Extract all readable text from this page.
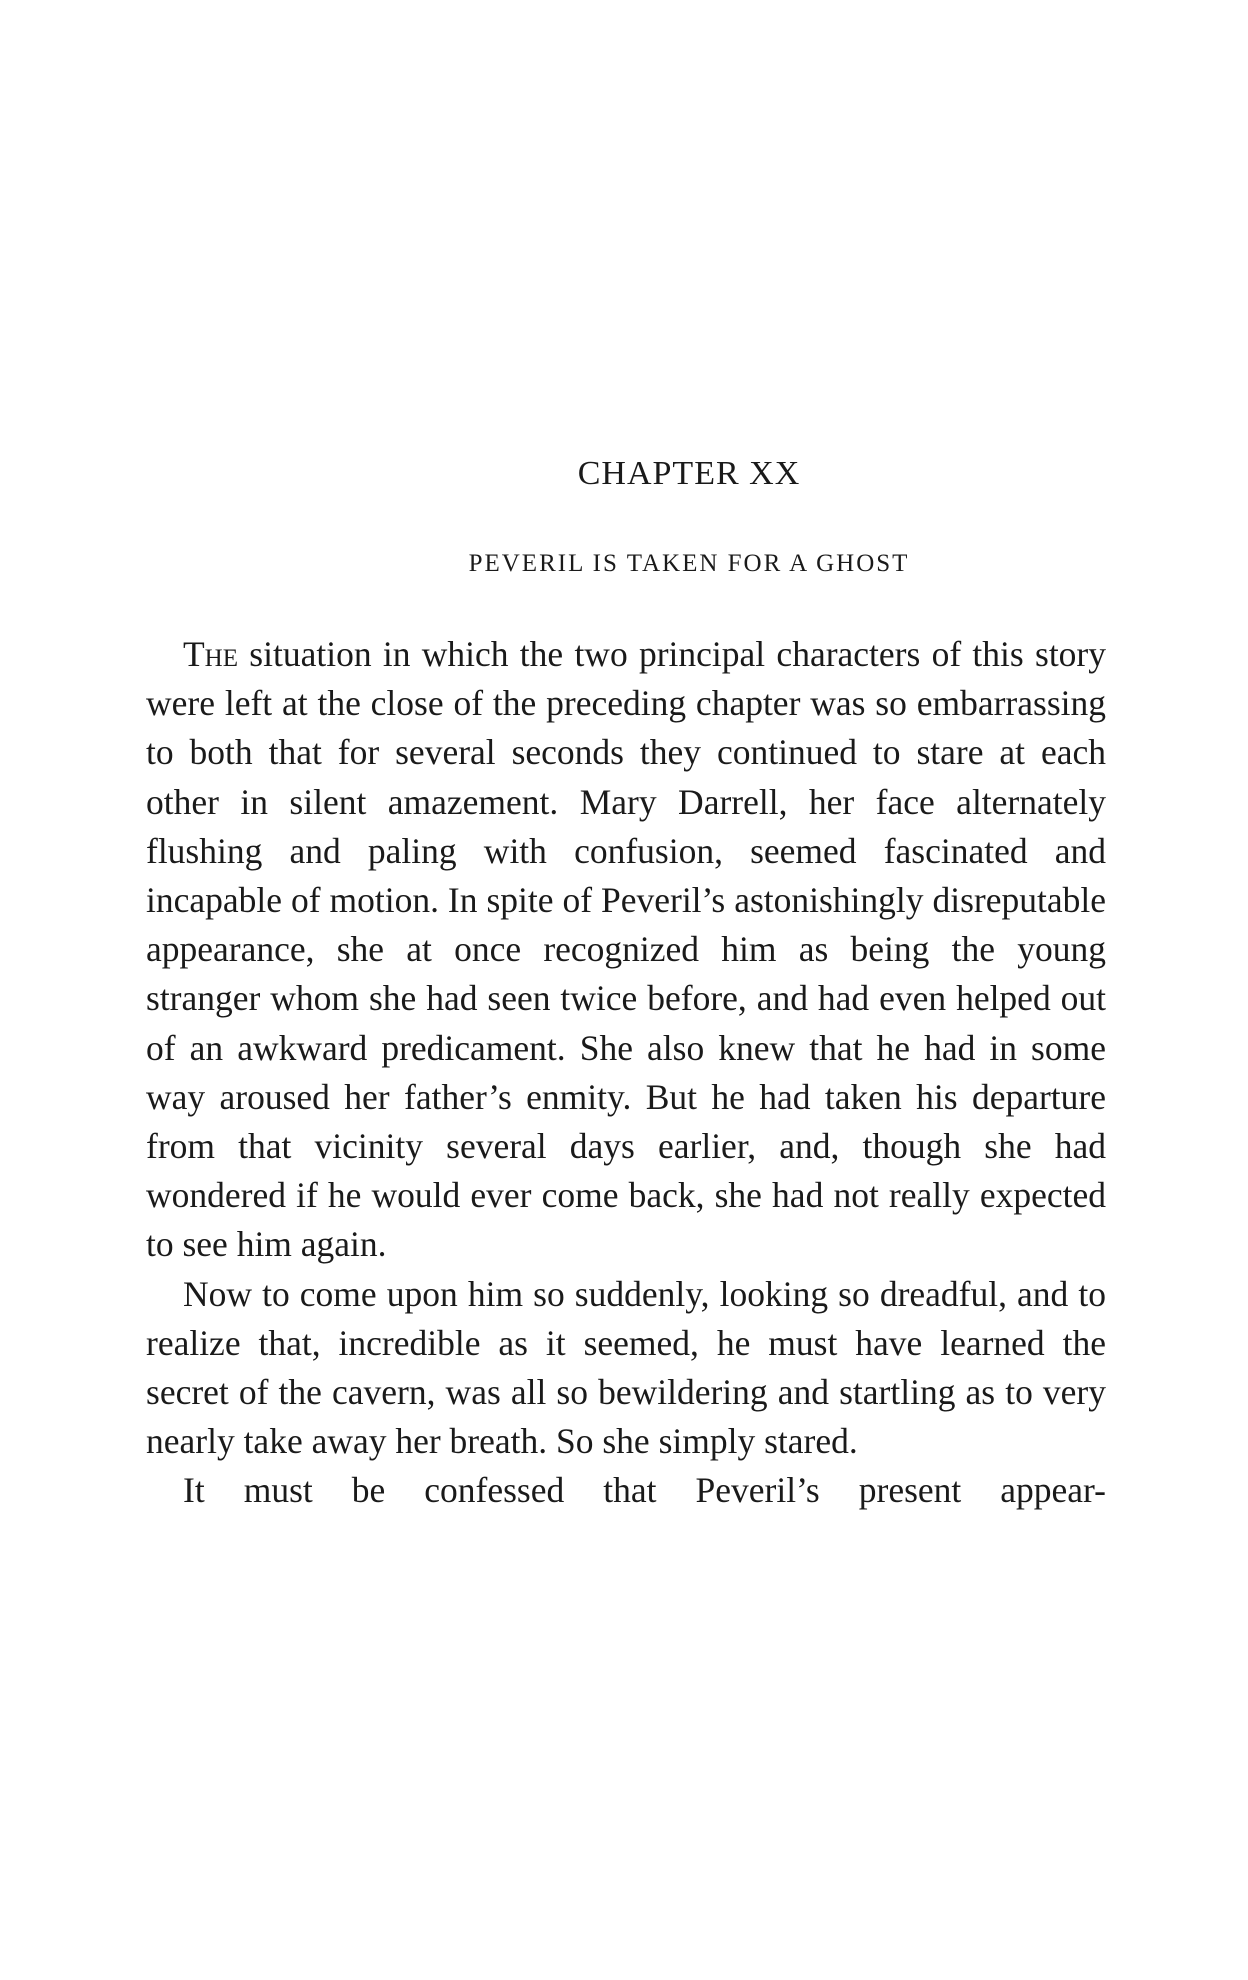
CHAPTER XX
PEVERIL IS TAKEN FOR A GHOST

The situation in which the two principal characters of this story were left at the close of the preceding chapter was so embarrassing to both that for several seconds they continued to stare at each other in silent amazement. Mary Darrell, her face alternately flushing and paling with confusion, seemed fascinated and incapable of motion. In spite of Peveril’s astonishingly disreputable appearance, she at once recognized him as being the young stranger whom she had seen twice before, and had even helped out of an awkward predicament. She also knew that he had in some way aroused her father’s enmity. But he had taken his departure from that vicinity several days earlier, and, though she had wondered if he would ever come back, she had not really expected to see him again.

Now to come upon him so suddenly, looking so dreadful, and to realize that, incredible as it seemed, he must have learned the secret of the cavern, was all so bewildering and startling as to very nearly take away her breath. So she simply stared.

It must be confessed that Peveril’s present appear-
